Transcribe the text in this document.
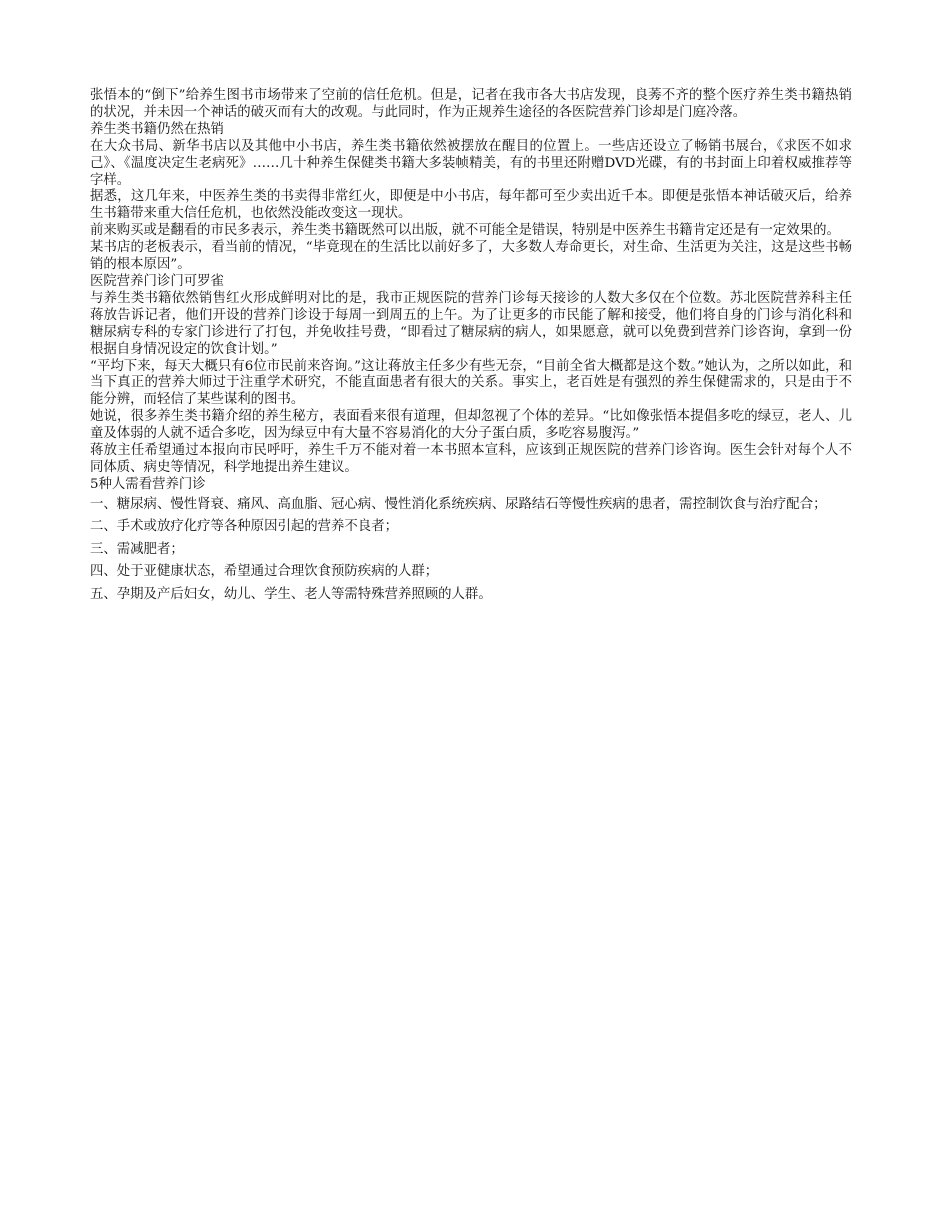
张悟本的“倒下”给养生图书市场带来了空前的信任危机。但是，记者在我市各大书店发现，良莠不齐的整个医疗养生类书籍热销的状况，并未因一个神话的破灭而有大的改观。与此同时，作为正规养生途径的各医院营养门诊却是门庭冷落。

养生类书籍仍然在热销

在大众书局、新华书店以及其他中小书店，养生类书籍依然被摆放在醒目的位置上。一些店还设立了畅销书展台，《求医不如求己》、《温度决定生老病死》……几十种养生保健类书籍大多装帧精美，有的书里还附赠DVD光碟，有的书封面上印着权威推荐等字样。

据悉，这几年来，中医养生类的书卖得非常红火，即便是中小书店，每年都可至少卖出近千本。即便是张悟本神话破灭后，给养生书籍带来重大信任危机，也依然没能改变这一现状。

前来购买或是翻看的市民多表示，养生类书籍既然可以出版，就不可能全是错误，特别是中医养生书籍肯定还是有一定效果的。

某书店的老板表示，看当前的情况，“毕竟现在的生活比以前好多了，大多数人寿命更长，对生命、生活更为关注，这是这些书畅销的根本原因”。

医院营养门诊门可罗雀

与养生类书籍依然销售红火形成鲜明对比的是，我市正规医院的营养门诊每天接诊的人数大多仅在个位数。苏北医院营养科主任蒋放告诉记者，他们开设的营养门诊设于每周一到周五的上午。为了让更多的市民能了解和接受，他们将自身的门诊与消化科和糖尿病专科的专家门诊进行了打包，并免收挂号费，“即看过了糖尿病的病人，如果愿意，就可以免费到营养门诊咨询，拿到一份根据自身情况设定的饮食计划。”

“平均下来，每天大概只有6位市民前来咨询。”这让蒋放主任多少有些无奈，“目前全省大概都是这个数。”她认为，之所以如此，和当下真正的营养大师过于注重学术研究，不能直面患者有很大的关系。事实上，老百姓是有强烈的养生保健需求的，只是由于不能分辨，而轻信了某些谋利的图书。

她说，很多养生类书籍介绍的养生秘方，表面看来很有道理，但却忽视了个体的差异。“比如像张悟本提倡多吃的绿豆，老人、儿童及体弱的人就不适合多吃，因为绿豆中有大量不容易消化的大分子蛋白质，多吃容易腹泻。”

蒋放主任希望通过本报向市民呼吁，养生千万不能对着一本书照本宣科，应该到正规医院的营养门诊咨询。医生会针对每个人不同体质、病史等情况，科学地提出养生建议。

5种人需看营养门诊

一、糖尿病、慢性肾衰、痛风、高血脂、冠心病、慢性消化系统疾病、尿路结石等慢性疾病的患者，需控制饮食与治疗配合；

二、手术或放疗化疗等各种原因引起的营养不良者；

三、需减肥者；

四、处于亚健康状态，希望通过合理饮食预防疾病的人群；

五、孕期及产后妇女，幼儿、学生、老人等需特殊营养照顾的人群。
